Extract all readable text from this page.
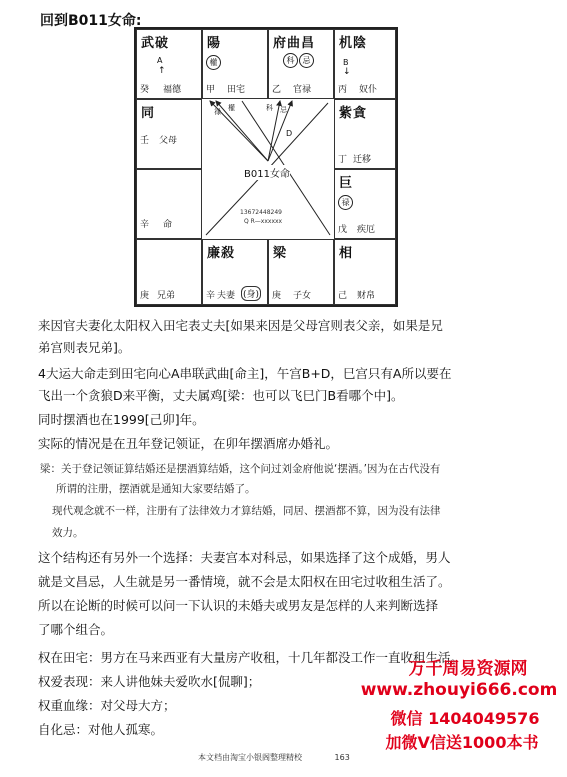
回到B011女命:
武破
A
↑
癸 福德
陽
權
甲 田宅
府曲昌
科 忌
乙 官禄
机陰
B
↓
丙 奴仆
同
壬 父母
紫貪
丁 迁移
辛 命
巨
禄
戊 疾厄
庚 兄弟
廉殺
辛 夫妻 (身)
梁
庚 子女
相
己 财帛
禄 權	科 忌
D
B011女命
13672448249
Q R—xxxxxx
来因官夫妻化太阳权入田宅表丈夫[如果来因是父母宫则表父亲，如果是兄
弟宫则表兄弟]。
4大运大命走到田宅向心A串联武曲[命主]，午宫B+D，巳宫只有A所以要在
飞出一个贪狼D来平衡，丈夫属鸡[梁：也可以飞巳门B看哪个中]。
同时摆酒也在1999[己卯]年。
实际的情况是在丑年登记领证，在卯年摆酒席办婚礼。
梁：关于登记领证算结婚还是摆酒算结婚，这个问过刘金府他说‘摆酒。’因为在古代没有
所谓的注册，摆酒就是通知大家要结婚了。
现代观念就不一样，注册有了法律效力才算结婚，同居、摆酒都不算，因为没有法律
效力。
这个结构还有另外一个选择：夫妻宫本对科忌，如果选择了这个成婚，男人
就是文昌忌，人生就是另一番情境，就不会是太阳权在田宅过收租生活了。
所以在论断的时候可以问一下认识的未婚夫或男友是怎样的人来判断选择
了哪个组合。
权在田宅：男方在马来西亚有大量房产收租，十几年都没工作一直收租生活。
权爱表现：来人讲他妹夫爱吹水[侃聊]；
权重血缘：对父母大方；
自化忌：对他人孤寒。
万千周易资源网
www.zhouyi666.com
微信 1404049576
加微V信送1000本书
本文档由淘宝小银阁整理精校	163
